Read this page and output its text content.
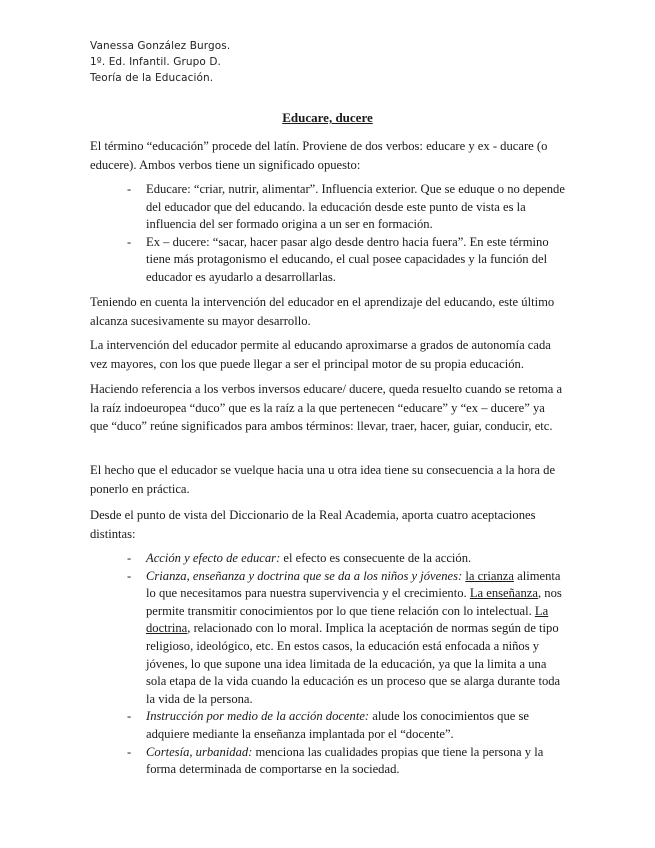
Vanessa González Burgos.

1º. Ed. Infantil. Grupo D.

Teoría de la Educación.

Educare, ducere

El término “educación” procede del latín. Proviene de dos verbos: educare y ex - ducare (o educere). Ambos verbos tiene un significado opuesto:

- Educare: “criar, nutrir, alimentar”. Influencia exterior. Que se eduque o no depende del educador que del educando. la educación desde este punto de vista es la influencia del ser formado origina a un ser en formación.
- Ex – ducere: “sacar, hacer pasar algo desde dentro hacia fuera”. En este término tiene más protagonismo el educando, el cual posee capacidades y la función del educador es ayudarlo a desarrollarlas.

Teniendo en cuenta la intervención del educador en el aprendizaje del educando, este último alcanza sucesivamente su mayor desarrollo.

La intervención del educador permite al educando aproximarse a grados de autonomía cada vez mayores, con los que puede llegar a ser el principal motor de su propia educación.

Haciendo referencia a los verbos inversos educare/ ducere, queda resuelto cuando se retoma a la raíz indoeuropea “duco” que es la raíz a la que pertenecen “educare” y “ex – ducere” ya que “duco” reúne significados para ambos términos: llevar, traer, hacer, guiar, conducir, etc.

El hecho que el educador se vuelque hacia una u otra idea tiene su consecuencia a la hora de ponerlo en práctica.

Desde el punto de vista del Diccionario de la Real Academia, aporta cuatro aceptaciones distintas:

- Acción y efecto de educar: el efecto es consecuente de la acción.
- Crianza, enseñanza y doctrina que se da a los niños y jóvenes: la crianza alimenta lo que necesitamos para nuestra supervivencia y el crecimiento. La enseñanza, nos permite transmitir conocimientos por lo que tiene relación con lo intelectual. La doctrina, relacionado con lo moral. Implica la aceptación de normas según de tipo religioso, ideológico, etc. En estos casos, la educación está enfocada a niños y jóvenes, lo que supone una idea limitada de la educación, ya que la limita a una sola etapa de la vida cuando la educación es un proceso que se alarga durante toda la vida de la persona.
- Instrucción por medio de la acción docente: alude los conocimientos que se adquiere mediante la enseñanza implantada por el “docente”.
- Cortesía, urbanidad: menciona las cualidades propias que tiene la persona y la forma determinada de comportarse en la sociedad.
